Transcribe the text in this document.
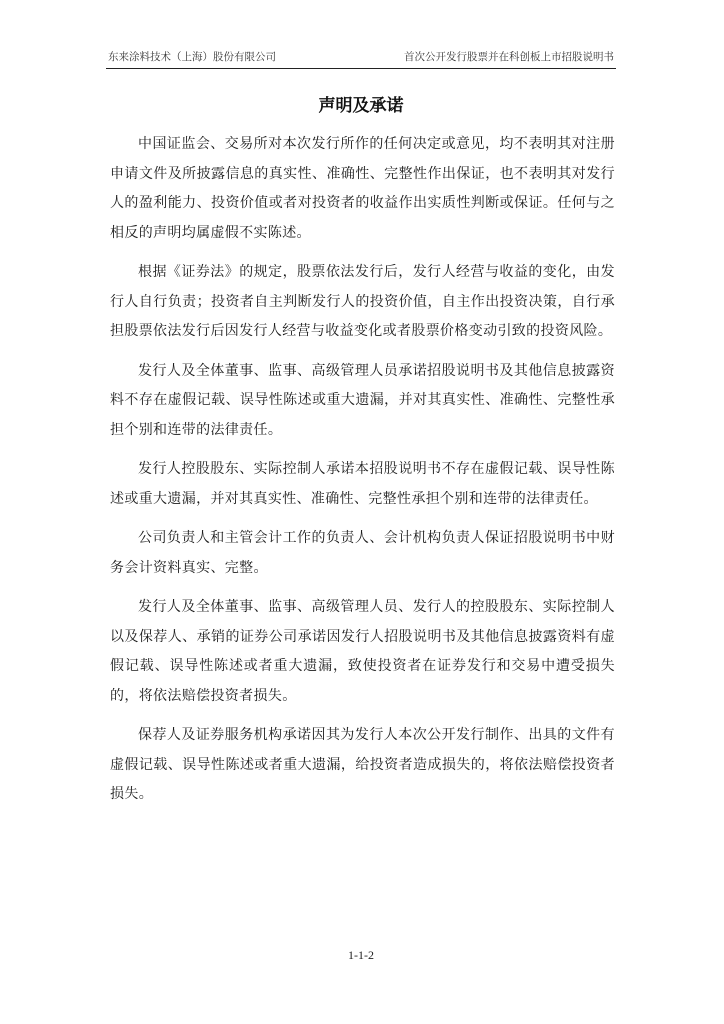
东来涂料技术（上海）股份有限公司	首次公开发行股票并在科创板上市招股说明书
声明及承诺

中国证监会、交易所对本次发行所作的任何决定或意见，均不表明其对注册申请文件及所披露信息的真实性、准确性、完整性作出保证，也不表明其对发行人的盈利能力、投资价值或者对投资者的收益作出实质性判断或保证。任何与之相反的声明均属虚假不实陈述。

根据《证券法》的规定，股票依法发行后，发行人经营与收益的变化，由发行人自行负责；投资者自主判断发行人的投资价值，自主作出投资决策，自行承担股票依法发行后因发行人经营与收益变化或者股票价格变动引致的投资风险。

发行人及全体董事、监事、高级管理人员承诺招股说明书及其他信息披露资料不存在虚假记载、误导性陈述或重大遗漏，并对其真实性、准确性、完整性承担个别和连带的法律责任。

发行人控股股东、实际控制人承诺本招股说明书不存在虚假记载、误导性陈述或重大遗漏，并对其真实性、准确性、完整性承担个别和连带的法律责任。

公司负责人和主管会计工作的负责人、会计机构负责人保证招股说明书中财务会计资料真实、完整。

发行人及全体董事、监事、高级管理人员、发行人的控股股东、实际控制人以及保荐人、承销的证券公司承诺因发行人招股说明书及其他信息披露资料有虚假记载、误导性陈述或者重大遗漏，致使投资者在证券发行和交易中遭受损失的，将依法赔偿投资者损失。

保荐人及证券服务机构承诺因其为发行人本次公开发行制作、出具的文件有虚假记载、误导性陈述或者重大遗漏，给投资者造成损失的，将依法赔偿投资者损失。

1-1-2
